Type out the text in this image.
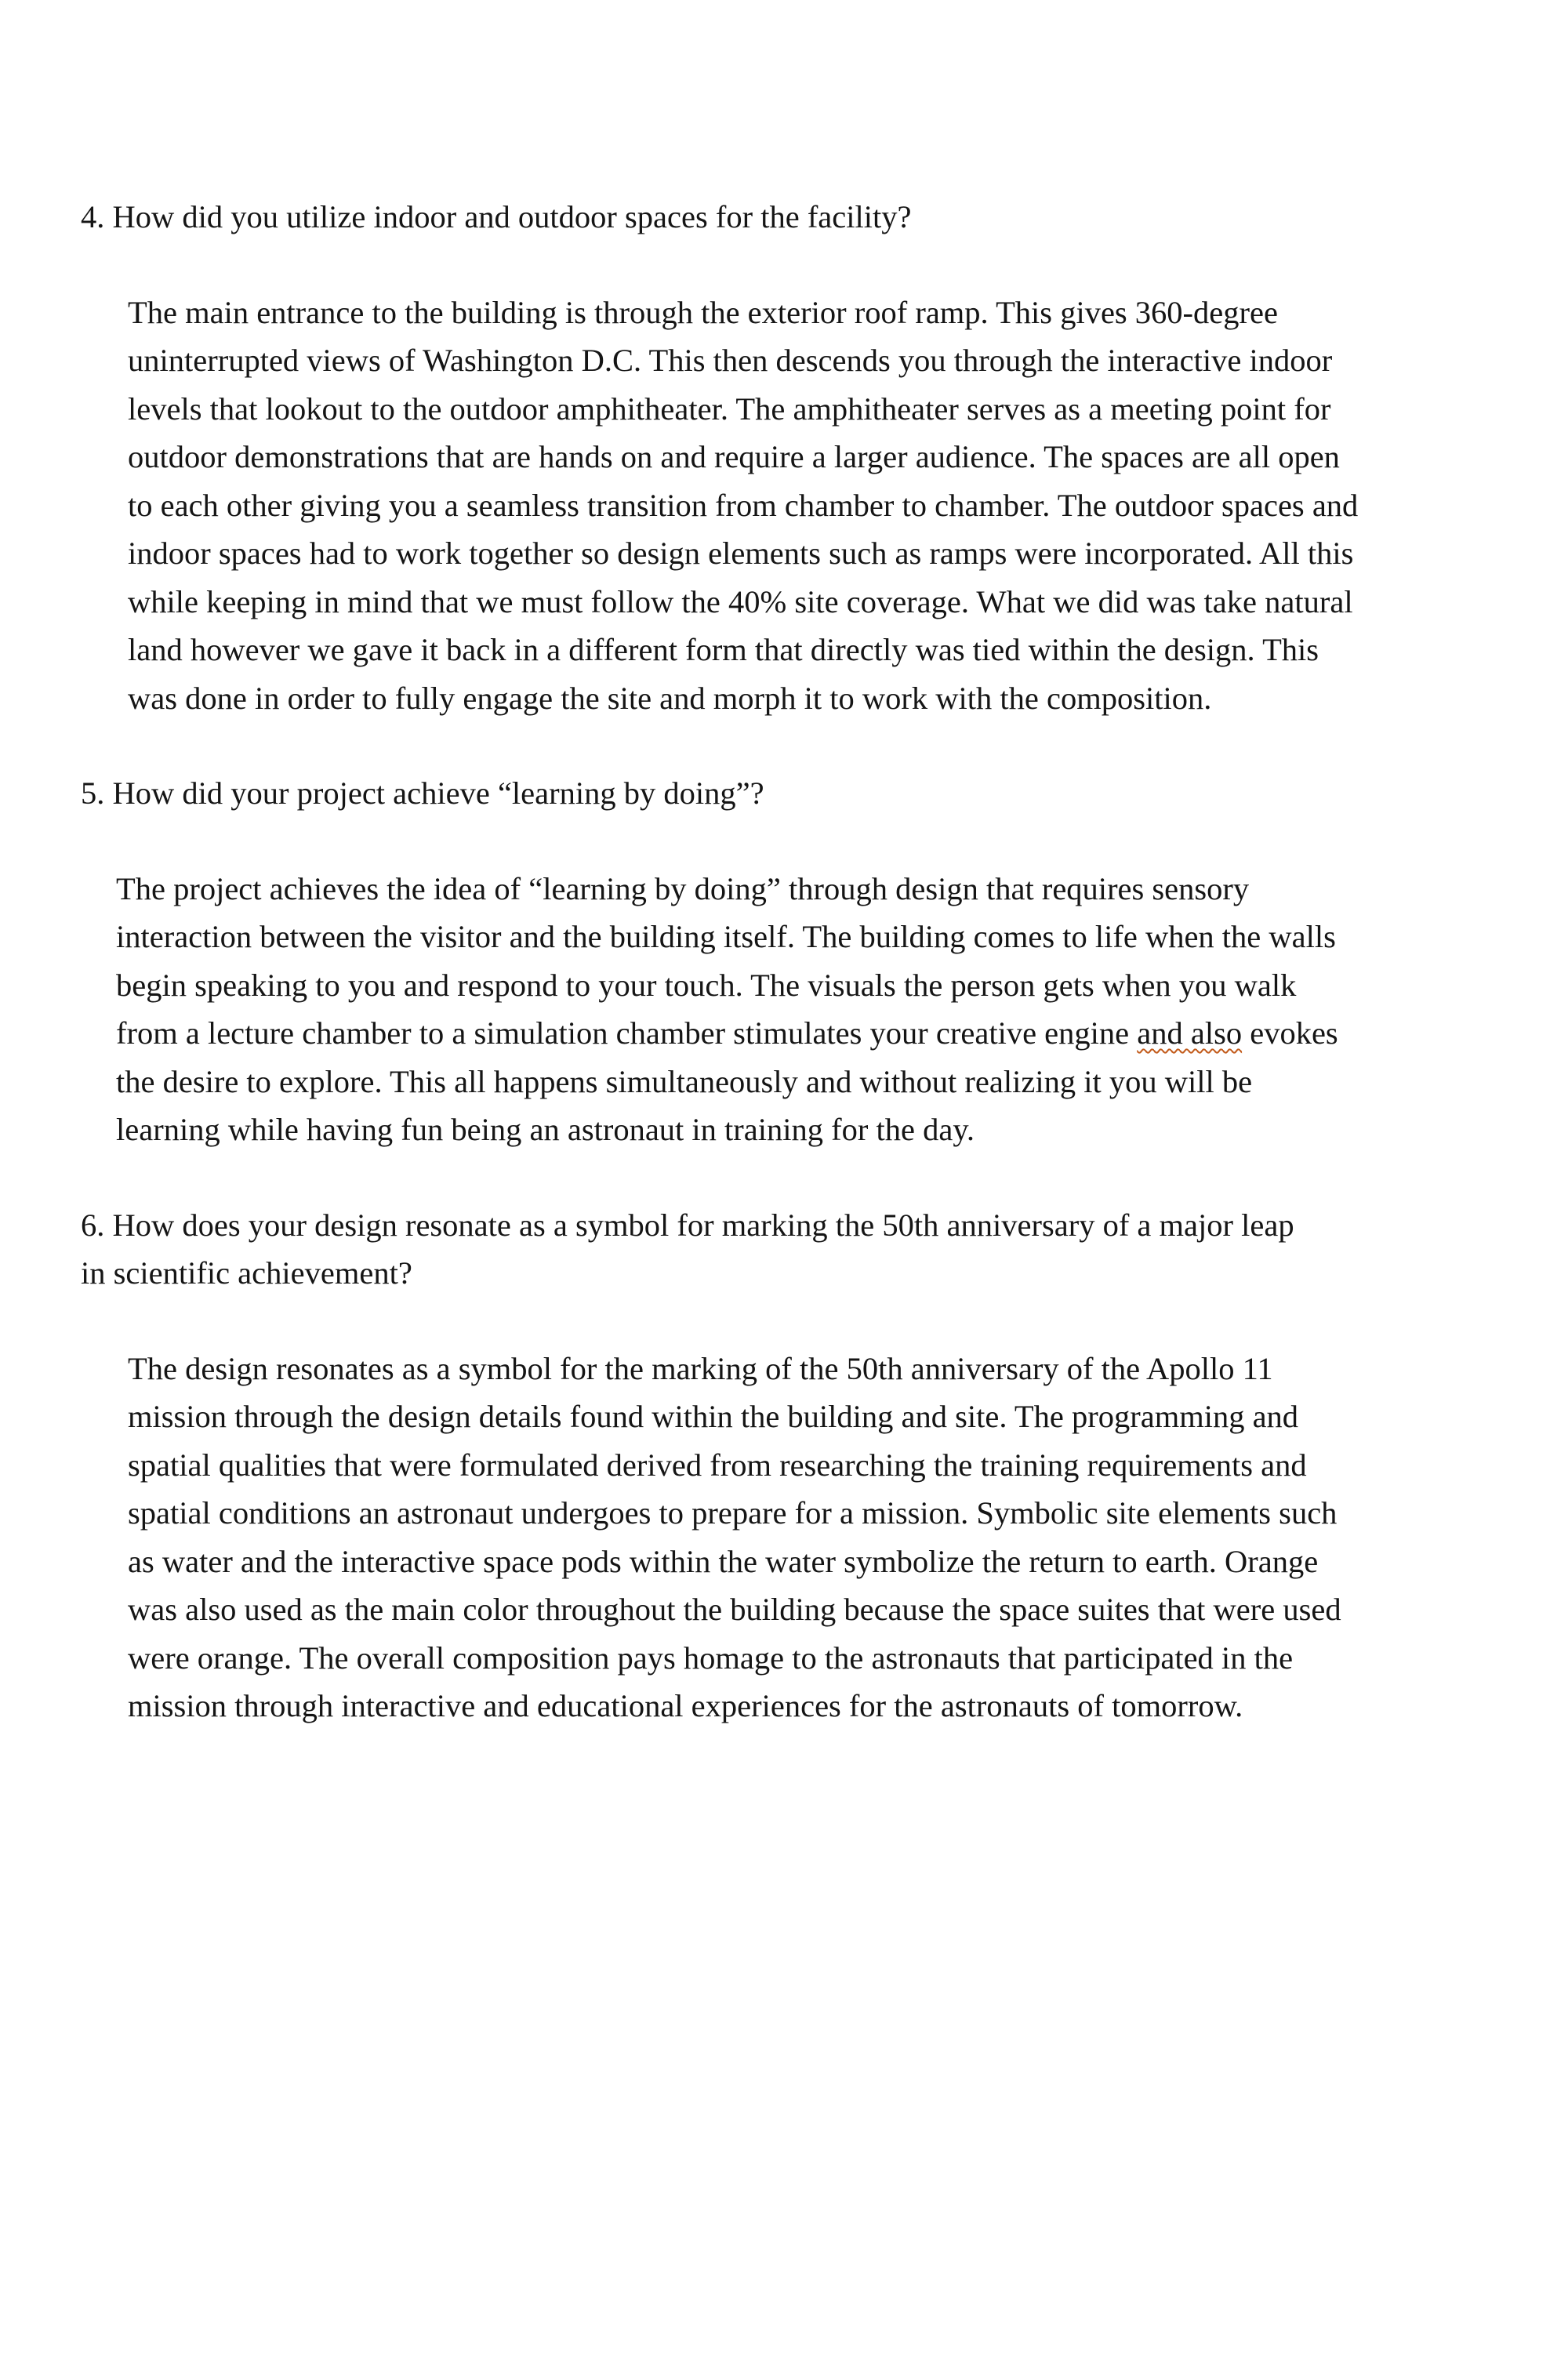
4. How did you utilize indoor and outdoor spaces for the facility?

The main entrance to the building is through the exterior roof ramp. This gives 360-degree
uninterrupted views of Washington D.C. This then descends you through the interactive indoor
levels that lookout to the outdoor amphitheater. The amphitheater serves as a meeting point for
outdoor demonstrations that are hands on and require a larger audience. The spaces are all open
to each other giving you a seamless transition from chamber to chamber. The outdoor spaces and
indoor spaces had to work together so design elements such as ramps were incorporated. All this
while keeping in mind that we must follow the 40% site coverage. What we did was take natural
land however we gave it back in a different form that directly was tied within the design. This
was done in order to fully engage the site and morph it to work with the composition.

5. How did your project achieve “learning by doing”?

The project achieves the idea of “learning by doing” through design that requires sensory
interaction between the visitor and the building itself. The building comes to life when the walls
begin speaking to you and respond to your touch. The visuals the person gets when you walk
from a lecture chamber to a simulation chamber stimulates your creative engine and also evokes
the desire to explore. This all happens simultaneously and without realizing it you will be
learning while having fun being an astronaut in training for the day.

6. How does your design resonate as a symbol for marking the 50th anniversary of a major leap
in scientific achievement?

The design resonates as a symbol for the marking of the 50th anniversary of the Apollo 11
mission through the design details found within the building and site. The programming and
spatial qualities that were formulated derived from researching the training requirements and
spatial conditions an astronaut undergoes to prepare for a mission. Symbolic site elements such
as water and the interactive space pods within the water symbolize the return to earth. Orange
was also used as the main color throughout the building because the space suites that were used
were orange. The overall composition pays homage to the astronauts that participated in the
mission through interactive and educational experiences for the astronauts of tomorrow.
